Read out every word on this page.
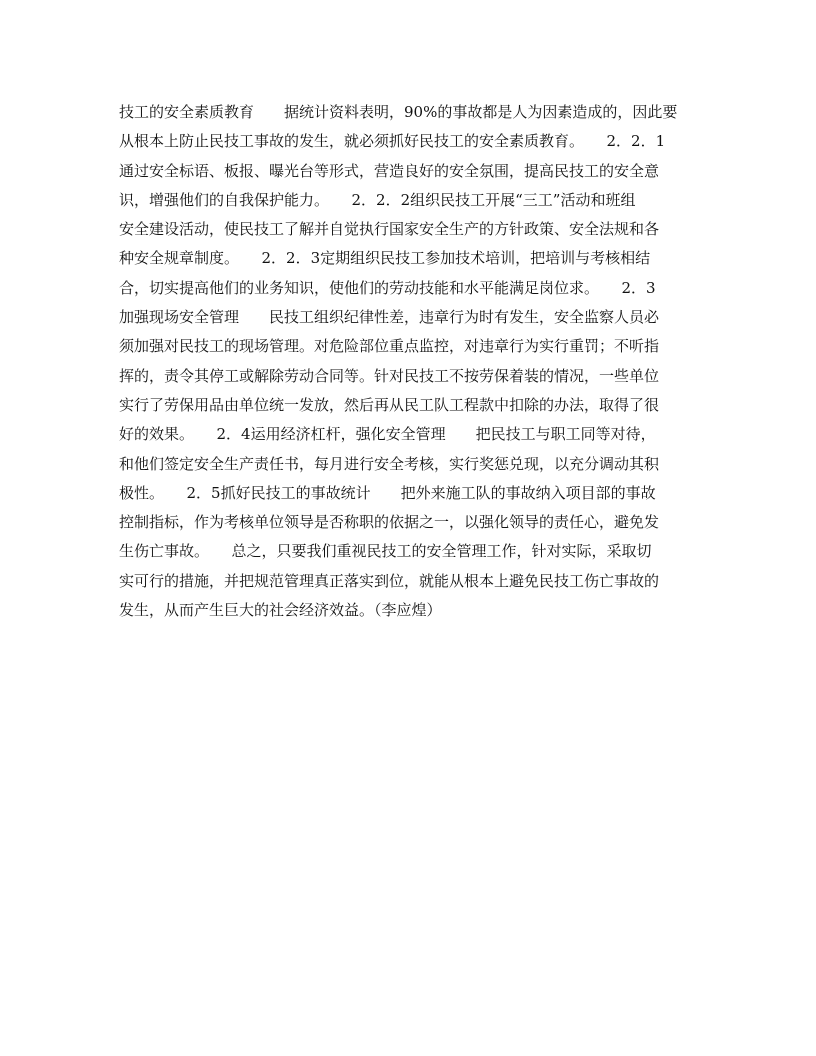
技工的安全素质教育　　据统计资料表明，90%的事故都是人为因素造成的，因此要
从根本上防止民技工事故的发生，就必须抓好民技工的安全素质教育。　　2．2．1
通过安全标语、板报、曝光台等形式，营造良好的安全氛围，提高民技工的安全意
识，增强他们的自我保护能力。　　2．2．2组织民技工开展“三工”活动和班组
安全建设活动，使民技工了解并自觉执行国家安全生产的方针政策、安全法规和各
种安全规章制度。　　2．2．3定期组织民技工参加技术培训，把培训与考核相结
合，切实提高他们的业务知识，使他们的劳动技能和水平能满足岗位求。　　2．3
加强现场安全管理　　民技工组织纪律性差，违章行为时有发生，安全监察人员必
须加强对民技工的现场管理。对危险部位重点监控，对违章行为实行重罚；不听指
挥的，责令其停工或解除劳动合同等。针对民技工不按劳保着装的情况，一些单位
实行了劳保用品由单位统一发放，然后再从民工队工程款中扣除的办法，取得了很
好的效果。　　2．4运用经济杠杆，强化安全管理　　把民技工与职工同等对待，
和他们签定安全生产责任书，每月进行安全考核，实行奖惩兑现，以充分调动其积
极性。　　2．5抓好民技工的事故统计　　把外来施工队的事故纳入项目部的事故
控制指标，作为考核单位领导是否称职的依据之一，以强化领导的责任心，避免发
生伤亡事故。　　总之，只要我们重视民技工的安全管理工作，针对实际，采取切
实可行的措施，并把规范管理真正落实到位，就能从根本上避免民技工伤亡事故的
发生，从而产生巨大的社会经济效益。（李应煌）
